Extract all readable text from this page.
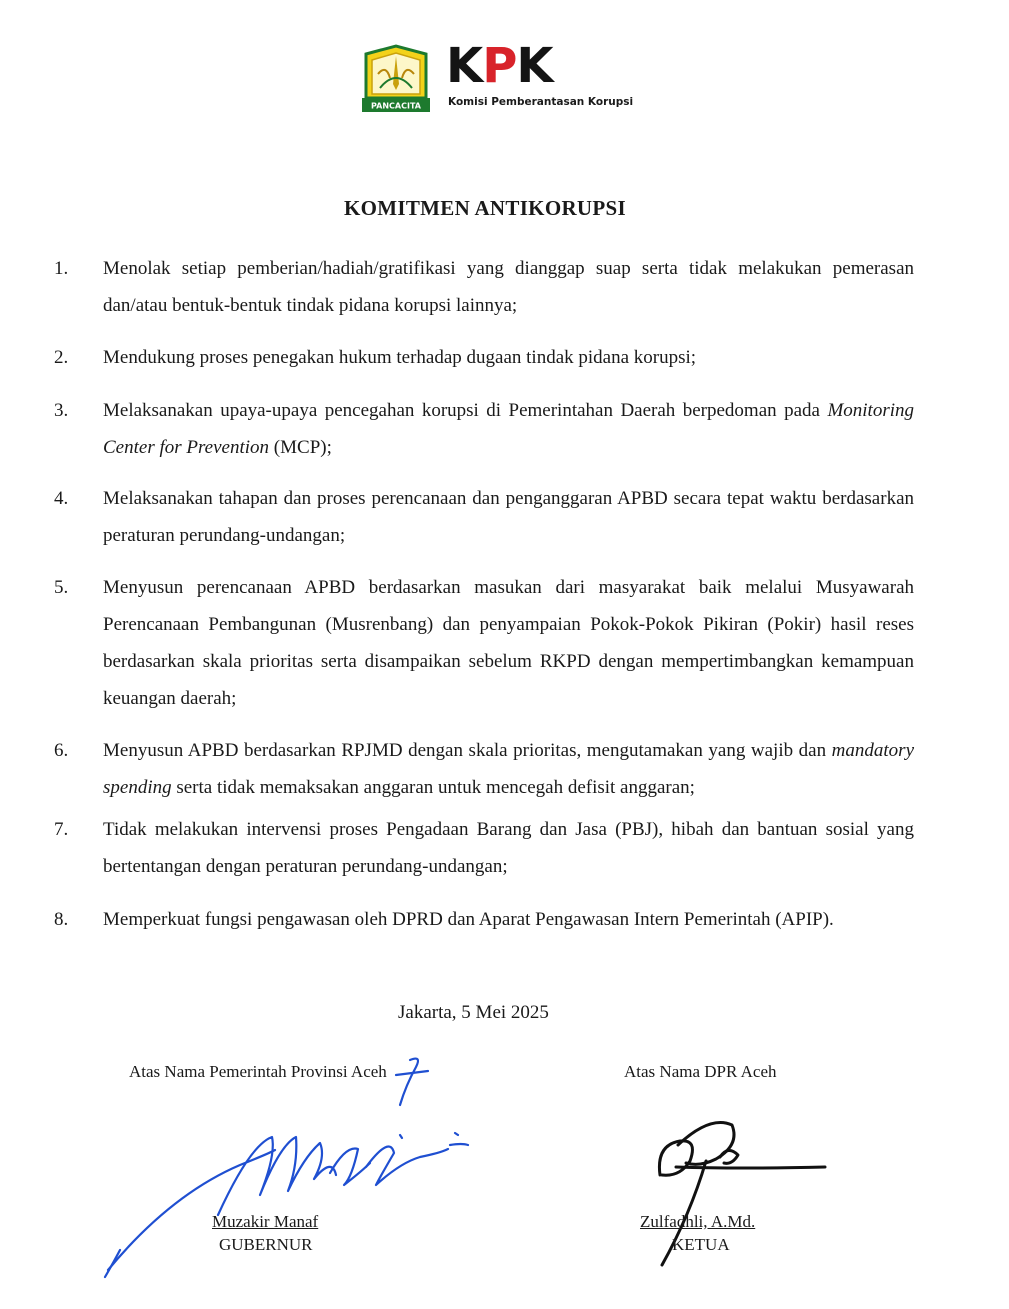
PANCACITA
KPK
Komisi Pemberantasan Korupsi
KOMITMEN ANTIKORUPSI
1.	Menolak setiap pemberian/hadiah/gratifikasi yang dianggap suap serta tidak melakukan pemerasan dan/atau bentuk-bentuk tindak pidana korupsi lainnya;
2.	Mendukung proses penegakan hukum terhadap dugaan tindak pidana korupsi;
3.	Melaksanakan upaya-upaya pencegahan korupsi di Pemerintahan Daerah berpedoman pada Monitoring Center for Prevention (MCP);
4.	Melaksanakan tahapan dan proses perencanaan dan penganggaran APBD secara tepat waktu berdasarkan peraturan perundang-undangan;
5.	Menyusun perencanaan APBD berdasarkan masukan dari masyarakat baik melalui Musyawarah Perencanaan Pembangunan (Musrenbang) dan penyampaian Pokok-Pokok Pikiran (Pokir) hasil reses berdasarkan skala prioritas serta disampaikan sebelum RKPD dengan mempertimbangkan kemampuan keuangan daerah;
6.	Menyusun APBD berdasarkan RPJMD dengan skala prioritas, mengutamakan yang wajib dan mandatory spending serta tidak memaksakan anggaran untuk mencegah defisit anggaran;
7.	Tidak melakukan intervensi proses Pengadaan Barang dan Jasa (PBJ), hibah dan bantuan sosial yang bertentangan dengan peraturan perundang-undangan;
8.	Memperkuat fungsi pengawasan oleh DPRD dan Aparat Pengawasan Intern Pemerintah (APIP).
Jakarta, 5 Mei 2025
Atas Nama Pemerintah Provinsi Aceh	Atas Nama DPR Aceh
Muzakir Manaf
GUBERNUR
Zulfadhli, A.Md.
KETUA
